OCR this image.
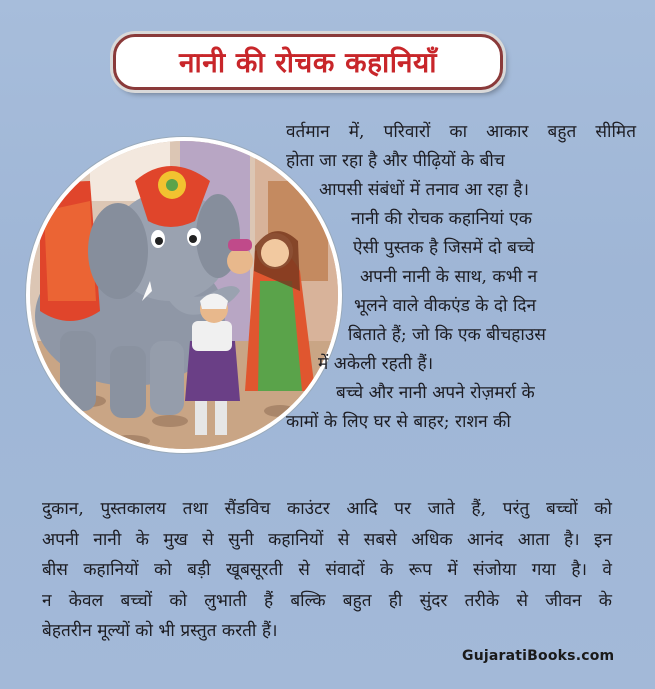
नानी की रोचक कहानियाँ
वर्तमान में, परिवारों का आकार बहुत सीमित
होता जा रहा है और पीढ़ियों के बीच
आपसी संबंधों में तनाव आ रहा है।
नानी की रोचक कहानियां एक
ऐसी पुस्तक है जिसमें दो बच्चे
अपनी नानी के साथ, कभी न
भूलने वाले वीकएंड के दो दिन
बिताते हैं; जो कि एक बीचहाउस
में अकेली रहती हैं।
बच्चे और नानी अपने रोज़मर्रा के
कामों के लिए घर से बाहर; राशन की
दुकान, पुस्तकालय तथा सैंडविच काउंटर आदि पर जाते हैं, परंतु बच्चों को
अपनी नानी के मुख से सुनी कहानियों से सबसे अधिक आनंद आता है। इन
बीस कहानियों को बड़ी खूबसूरती से संवादों के रूप में संजोया गया है। वे
न केवल बच्चों को लुभाती हैं बल्कि बहुत ही सुंदर तरीके से जीवन के
बेहतरीन मूल्यों को भी प्रस्तुत करती हैं।
GujaratiBooks.com
